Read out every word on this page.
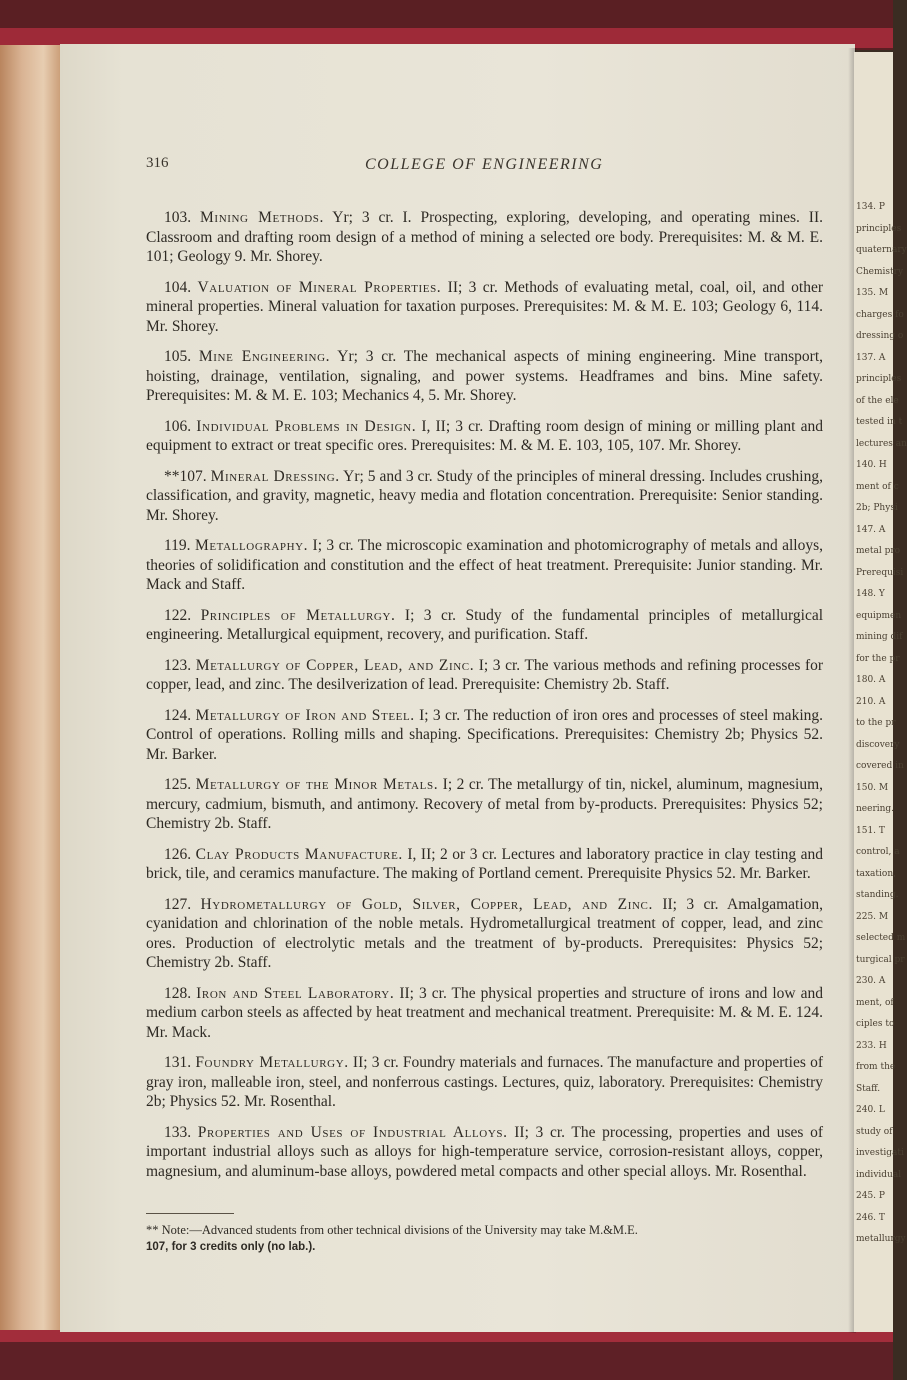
134. P
principles
quaternary
Chemistry
135. M
charges fo
dressing o
137. A
principles
of the ele
tested in t
lectures an
140. H
ment of c
2b; Physi
147. A
metal pro
Prerequisi
148. Y
equipmen
mining dif
for the pr
180. A
210. A
to the pr
discovery
covered in
150. M
neering.
151. T
control, a
taxation,
standing.
225. M
selected m
turgical pr
230. A
ment, of
ciples to
233. H
from the
Staff.
240. L
study of
investigati
individual
245. P
246. T
metallurgy
316	COLLEGE OF ENGINEERING

103. Mining Methods. Yr; 3 cr. I. Prospecting, exploring, developing, and operating mines. II. Classroom and drafting room design of a method of mining a selected ore body. Prerequisites: M. & M. E. 101; Geology 9. Mr. Shorey.

104. Valuation of Mineral Properties. II; 3 cr. Methods of evaluating metal, coal, oil, and other mineral properties. Mineral valuation for taxation purposes. Prerequisites: M. & M. E. 103; Geology 6, 114. Mr. Shorey.

105. Mine Engineering. Yr; 3 cr. The mechanical aspects of mining engineering. Mine transport, hoisting, drainage, ventilation, signaling, and power systems. Headframes and bins. Mine safety. Prerequisites: M. & M. E. 103; Mechanics 4, 5. Mr. Shorey.

106. Individual Problems in Design. I, II; 3 cr. Drafting room design of mining or milling plant and equipment to extract or treat specific ores. Prerequisites: M. & M. E. 103, 105, 107. Mr. Shorey.

**107. Mineral Dressing. Yr; 5 and 3 cr. Study of the principles of mineral dressing. Includes crushing, classification, and gravity, magnetic, heavy media and flotation concentration. Prerequisite: Senior standing. Mr. Shorey.

119. Metallography. I; 3 cr. The microscopic examination and photomicrography of metals and alloys, theories of solidification and constitution and the effect of heat treatment. Prerequisite: Junior standing. Mr. Mack and Staff.

122. Principles of Metallurgy. I; 3 cr. Study of the fundamental principles of metallurgical engineering. Metallurgical equipment, recovery, and purification. Staff.

123. Metallurgy of Copper, Lead, and Zinc. I; 3 cr. The various methods and refining processes for copper, lead, and zinc. The desilverization of lead. Prerequisite: Chemistry 2b. Staff.

124. Metallurgy of Iron and Steel. I; 3 cr. The reduction of iron ores and processes of steel making. Control of operations. Rolling mills and shaping. Specifications. Prerequisites: Chemistry 2b; Physics 52. Mr. Barker.

125. Metallurgy of the Minor Metals. I; 2 cr. The metallurgy of tin, nickel, aluminum, magnesium, mercury, cadmium, bismuth, and antimony. Recovery of metal from by-products. Prerequisites: Physics 52; Chemistry 2b. Staff.

126. Clay Products Manufacture. I, II; 2 or 3 cr. Lectures and laboratory practice in clay testing and brick, tile, and ceramics manufacture. The making of Portland cement. Prerequisite Physics 52. Mr. Barker.

127. Hydrometallurgy of Gold, Silver, Copper, Lead, and Zinc. II; 3 cr. Amalgamation, cyanidation and chlorination of the noble metals. Hydrometallurgical treatment of copper, lead, and zinc ores. Production of electrolytic metals and the treatment of by-products. Prerequisites: Physics 52; Chemistry 2b. Staff.

128. Iron and Steel Laboratory. II; 3 cr. The physical properties and structure of irons and low and medium carbon steels as affected by heat treatment and mechanical treatment. Prerequisite: M. & M. E. 124. Mr. Mack.

131. Foundry Metallurgy. II; 3 cr. Foundry materials and furnaces. The manufacture and properties of gray iron, malleable iron, steel, and nonferrous castings. Lectures, quiz, laboratory. Prerequisites: Chemistry 2b; Physics 52. Mr. Rosenthal.

133. Properties and Uses of Industrial Alloys. II; 3 cr. The processing, properties and uses of important industrial alloys such as alloys for high-temperature service, corrosion-resistant alloys, copper, magnesium, and aluminum-base alloys, powdered metal compacts and other special alloys. Mr. Rosenthal.

** Note:—Advanced students from other technical divisions of the University may take M.&M.E.
107, for 3 credits only (no lab.).
